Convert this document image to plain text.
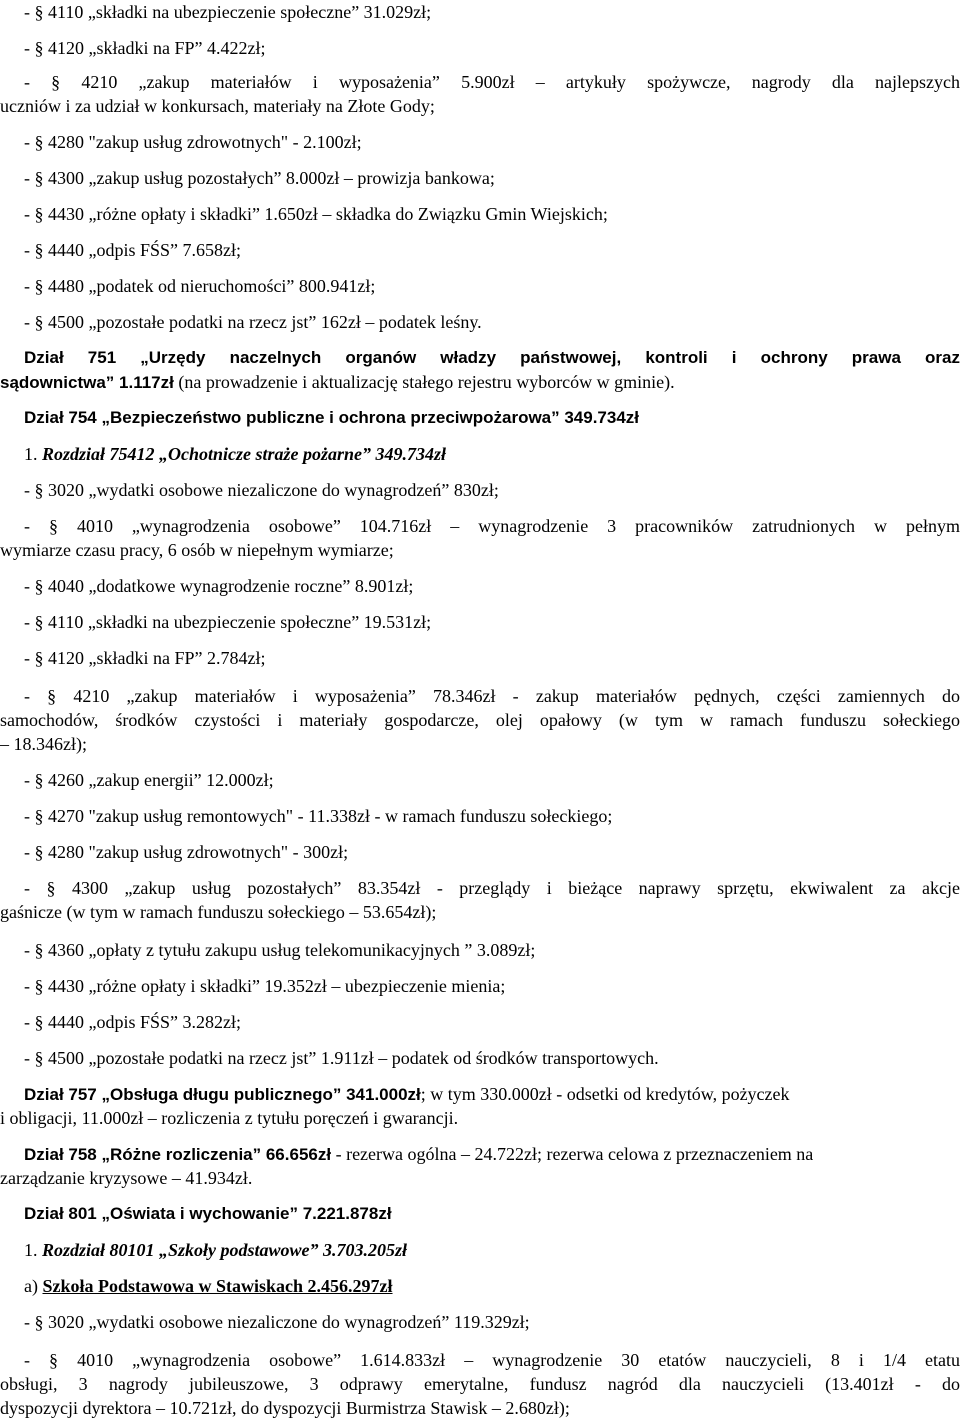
- § 4110 „składki na ubezpieczenie społeczne” 31.029zł;

- § 4120 „składki na FP” 4.422zł;

- § 4210 „zakup materiałów i wyposażenia” 5.900zł – artykuły spożywcze, nagrody dla najlepszych

uczniów i za udział w konkursach, materiały na Złote Gody;

- § 4280 "zakup usług zdrowotnych" - 2.100zł;

- § 4300 „zakup usług pozostałych” 8.000zł – prowizja bankowa;

- § 4430 „różne opłaty i składki” 1.650zł – składka do Związku Gmin Wiejskich;

- § 4440 „odpis FŚS” 7.658zł;

- § 4480 „podatek od nieruchomości” 800.941zł;

- § 4500 „pozostałe podatki na rzecz jst” 162zł – podatek leśny.

Dział 751 „Urzędy naczelnych organów władzy państwowej, kontroli i ochrony prawa oraz

sądownictwa” 1.117zł (na prowadzenie i aktualizację stałego rejestru wyborców w gminie).

Dział 754 „Bezpieczeństwo publiczne i ochrona przeciwpożarowa” 349.734zł

1. Rozdział 75412 „Ochotnicze straże pożarne” 349.734zł

- § 3020 „wydatki osobowe niezaliczone do wynagrodzeń” 830zł;

- § 4010 „wynagrodzenia osobowe” 104.716zł – wynagrodzenie 3 pracowników zatrudnionych w pełnym

wymiarze czasu pracy, 6 osób w niepełnym wymiarze;

- § 4040 „dodatkowe wynagrodzenie roczne” 8.901zł;

- § 4110 „składki na ubezpieczenie społeczne” 19.531zł;

- § 4120 „składki na FP” 2.784zł;

- § 4210 „zakup materiałów i wyposażenia” 78.346zł - zakup materiałów pędnych, części zamiennych do

samochodów, środków czystości i materiały gospodarcze, olej opałowy (w tym w ramach funduszu sołeckiego

– 18.346zł);

- § 4260 „zakup energii” 12.000zł;

- § 4270 "zakup usług remontowych" - 11.338zł - w ramach funduszu sołeckiego;

- § 4280 "zakup usług zdrowotnych" - 300zł;

- § 4300 „zakup usług pozostałych” 83.354zł - przeglądy i bieżące naprawy sprzętu, ekwiwalent za akcje

gaśnicze (w tym w ramach funduszu sołeckiego – 53.654zł);

- § 4360 „opłaty z tytułu zakupu usług telekomunikacyjnych ” 3.089zł;

- § 4430 „różne opłaty i składki” 19.352zł – ubezpieczenie mienia;

- § 4440 „odpis FŚS” 3.282zł;

- § 4500 „pozostałe podatki na rzecz jst” 1.911zł – podatek od środków transportowych.

Dział 757 „Obsługa długu publicznego” 341.000zł; w tym 330.000zł - odsetki od kredytów, pożyczek

i obligacji, 11.000zł – rozliczenia z tytułu poręczeń i gwarancji.

Dział 758 „Różne rozliczenia” 66.656zł - rezerwa ogólna – 24.722zł; rezerwa celowa z przeznaczeniem na

zarządzanie kryzysowe – 41.934zł.

Dział 801 „Oświata i wychowanie” 7.221.878zł

1. Rozdział 80101 „Szkoły podstawowe” 3.703.205zł

a) Szkoła Podstawowa w Stawiskach 2.456.297zł

- § 3020 „wydatki osobowe niezaliczone do wynagrodzeń” 119.329zł;

- § 4010 „wynagrodzenia osobowe” 1.614.833zł – wynagrodzenie 30 etatów nauczycieli, 8 i 1/4 etatu

obsługi, 3 nagrody jubileuszowe, 3 odprawy emerytalne, fundusz nagród dla nauczycieli (13.401zł - do

dyspozycji dyrektora – 10.721zł, do dyspozycji Burmistrza Stawisk – 2.680zł);
